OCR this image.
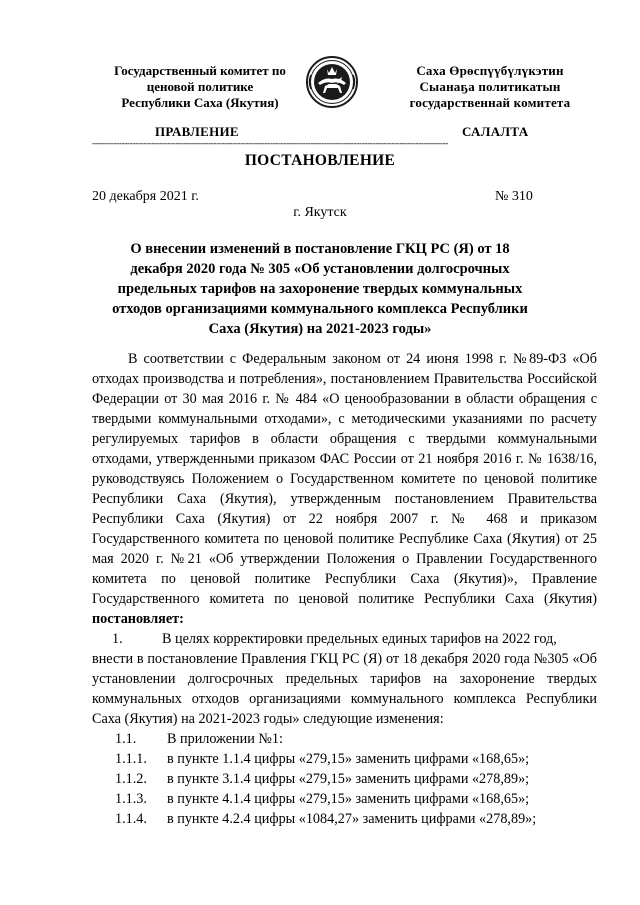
Государственный комитет по
ценовой политике
Республики Саха (Якутия)
Саха Өрөспүүбүлүкэтин
Сыанаҕа политикатын
государственнай комитета
ПРАВЛЕНИЕ	САЛАЛТА
------------------------------------------------------------------------------------------------------------------------------------
ПОСТАНОВЛЕНИЕ
20 декабря 2021 г.	№ 310
г. Якутск
О внесении изменений в постановление ГКЦ РС (Я) от 18 декабря 2020 года № 305 «Об установлении долгосрочных предельных тарифов на захоронение твердых коммунальных отходов организациями коммунального комплекса Республики Саха (Якутия) на 2021-2023 годы»

В соответствии с Федеральным законом от 24 июня 1998 г. №89-ФЗ «Об отходах производства и потребления», постановлением Правительства Российской Федерации от 30 мая 2016 г. № 484 «О ценообразовании в области обращения с твердыми коммунальными отходами», с методическими указаниями по расчету регулируемых тарифов в области обращения с твердыми коммунальными отходами, утвержденными приказом ФАС России от 21 ноября 2016 г. № 1638/16, руководствуясь Положением о Государственном комитете по ценовой политике Республики Саха (Якутия), утвержденным постановлением Правительства Республики Саха (Якутия) от 22 ноября 2007 г. № 468 и приказом Государственного комитета по ценовой политике Республике Саха (Якутия) от 25 мая 2020 г. №21 «Об утверждении Положения о Правлении Государственного комитета по ценовой политике Республики Саха (Якутия)», Правление Государственного комитета по ценовой политике Республики Саха (Якутия) постановляет:

1.	В целях корректировки предельных единых тарифов на 2022 год,

внести в постановление Правления ГКЦ РС (Я) от 18 декабря 2020 года №305 «Об установлении долгосрочных предельных тарифов на захоронение твердых коммунальных отходов организациями коммунального комплекса Республики Саха (Якутия) на 2021-2023 годы» следующие изменения:

1.1.	В приложении №1:
1.1.1.	в пункте 1.1.4 цифры «279,15» заменить цифрами «168,65»;
1.1.2.	в пункте 3.1.4 цифры «279,15» заменить цифрами «278,89»;
1.1.3.	в пункте 4.1.4 цифры «279,15» заменить цифрами «168,65»;
1.1.4.	в пункте 4.2.4 цифры «1084,27» заменить цифрами «278,89»;
